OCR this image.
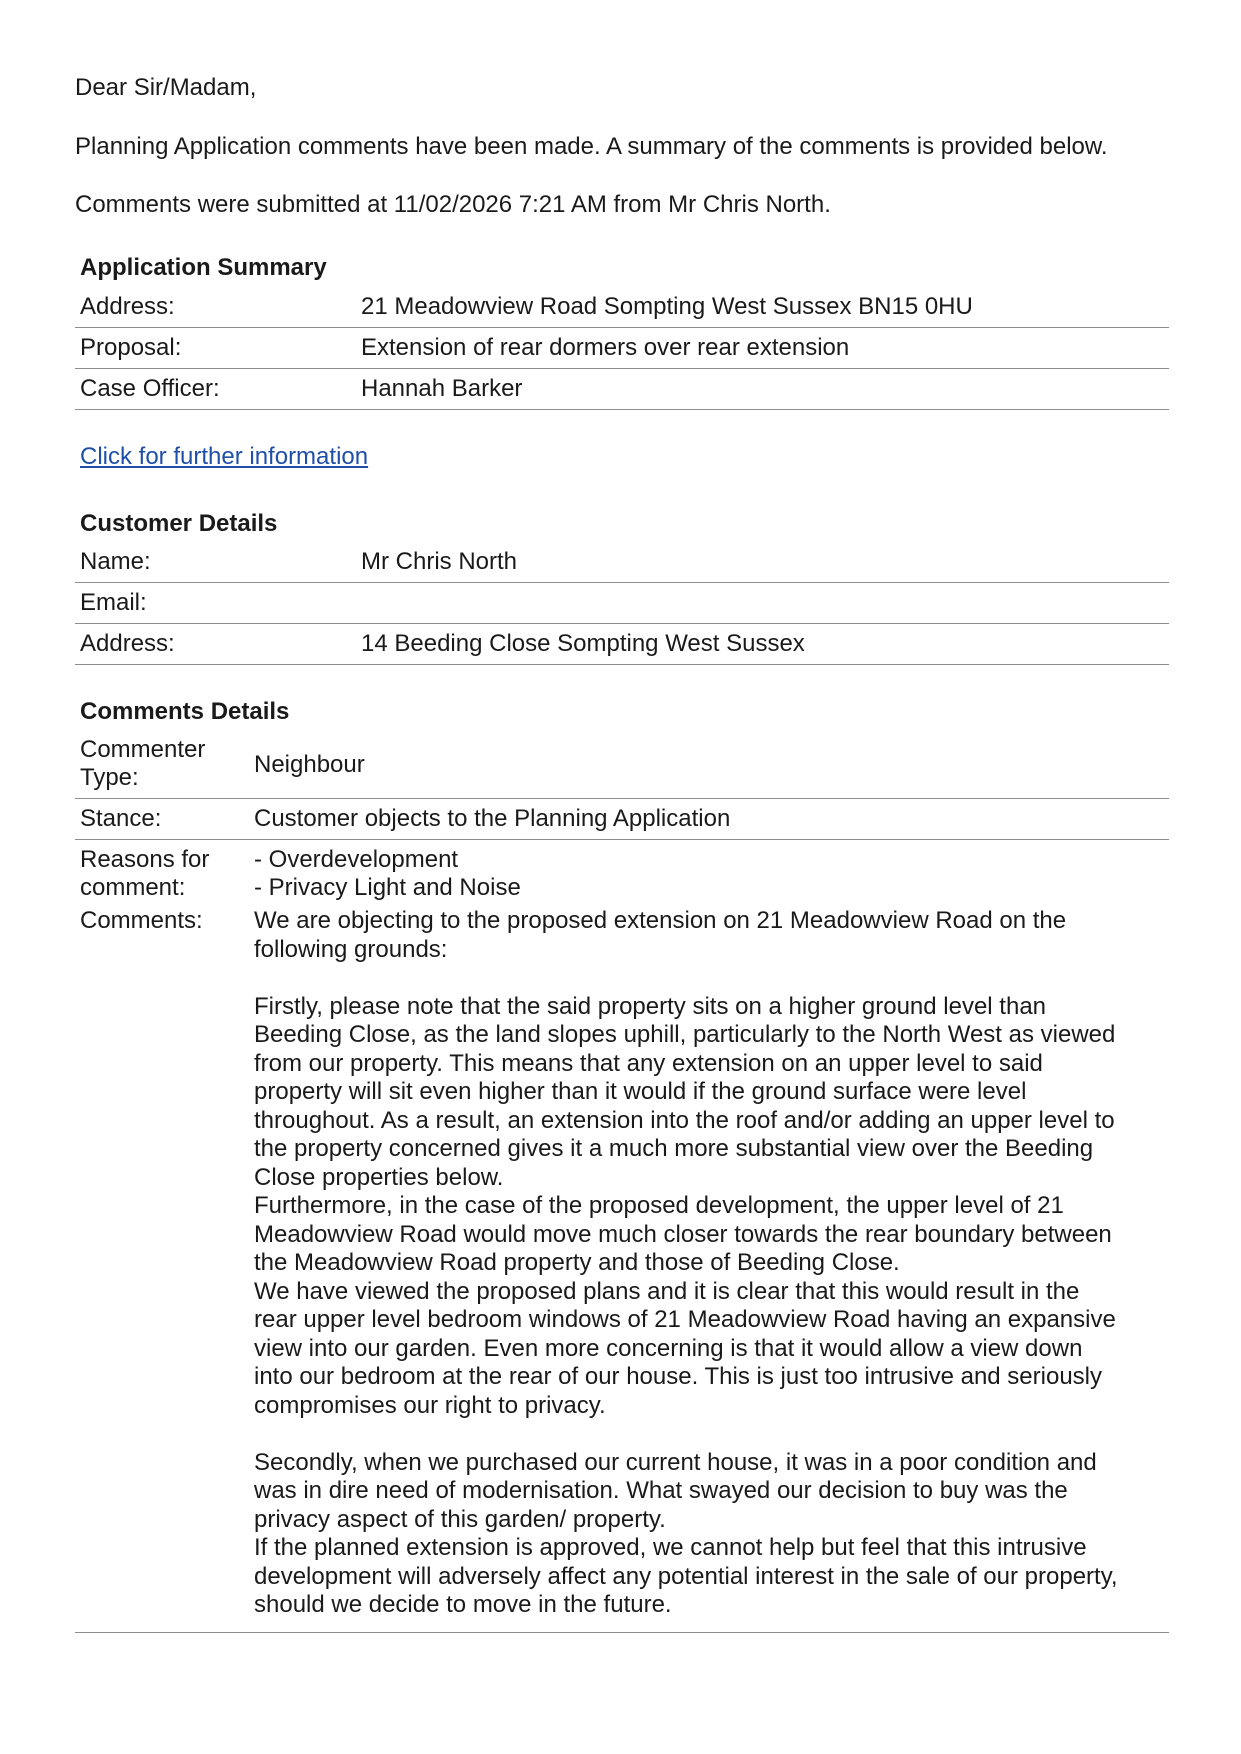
Dear Sir/Madam,

Planning Application comments have been made. A summary of the comments is provided below.

Comments were submitted at 11/02/2026 7:21 AM from Mr Chris North.

Application Summary

Address:	21 Meadowview Road Sompting West Sussex BN15 0HU
Proposal:	Extension of rear dormers over rear extension
Case Officer:	Hannah Barker
Click for further information

Customer Details

Name:	Mr Chris North
Email:
Address:	14 Beeding Close Sompting West Sussex

Comments Details

Commenter
Type:	Neighbour
Stance:	Customer objects to the Planning Application
Reasons for
comment:
- Overdevelopment
- Privacy Light and Noise
Comments: We are objecting to the proposed extension on 21 Meadowview Road on the
following grounds:

Firstly, please note that the said property sits on a higher ground level than
Beeding Close, as the land slopes uphill, particularly to the North West as viewed
from our property. This means that any extension on an upper level to said
property will sit even higher than it would if the ground surface were level
throughout. As a result, an extension into the roof and/or adding an upper level to
the property concerned gives it a much more substantial view over the Beeding
Close properties below.
Furthermore, in the case of the proposed development, the upper level of 21
Meadowview Road would move much closer towards the rear boundary between
the Meadowview Road property and those of Beeding Close.
We have viewed the proposed plans and it is clear that this would result in the
rear upper level bedroom windows of 21 Meadowview Road having an expansive
view into our garden. Even more concerning is that it would allow a view down
into our bedroom at the rear of our house. This is just too intrusive and seriously
compromises our right to privacy.

Secondly, when we purchased our current house, it was in a poor condition and
was in dire need of modernisation. What swayed our decision to buy was the
privacy aspect of this garden/ property.
If the planned extension is approved, we cannot help but feel that this intrusive
development will adversely affect any potential interest in the sale of our property,
should we decide to move in the future.
